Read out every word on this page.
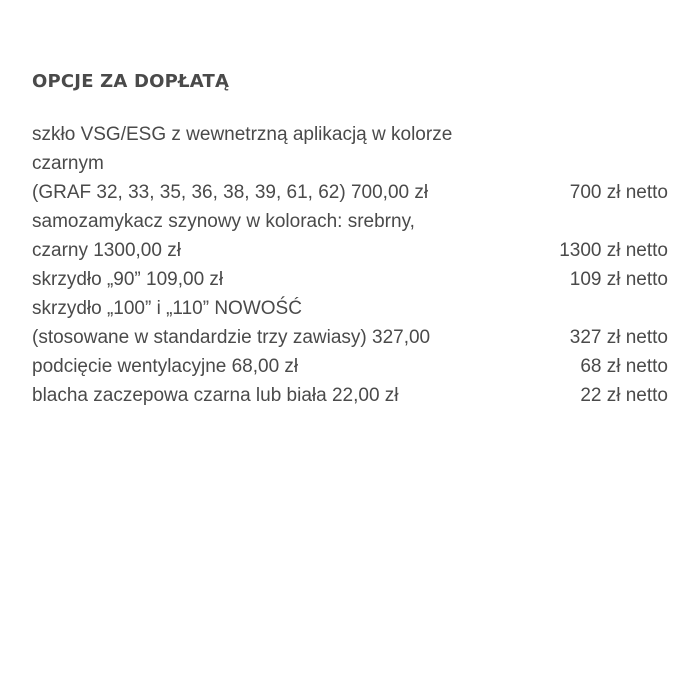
OPCJE ZA DOPŁATĄ
szkło VSG/ESG z wewnetrzną aplikacją w kolorze
czarnym
(GRAF 32, 33, 35, 36, 38, 39, 61, 62) 700,00 zł	700 zł netto
samozamykacz szynowy w kolorach: srebrny,
czarny 1300,00 zł	1300 zł netto
skrzydło „90” 109,00 zł	109 zł netto
skrzydło „100” i „110” NOWOŚĆ
(stosowane w standardzie trzy zawiasy) 327,00	327 zł netto
podcięcie wentylacyjne 68,00 zł	68 zł netto
blacha zaczepowa czarna lub biała 22,00 zł	22 zł netto
